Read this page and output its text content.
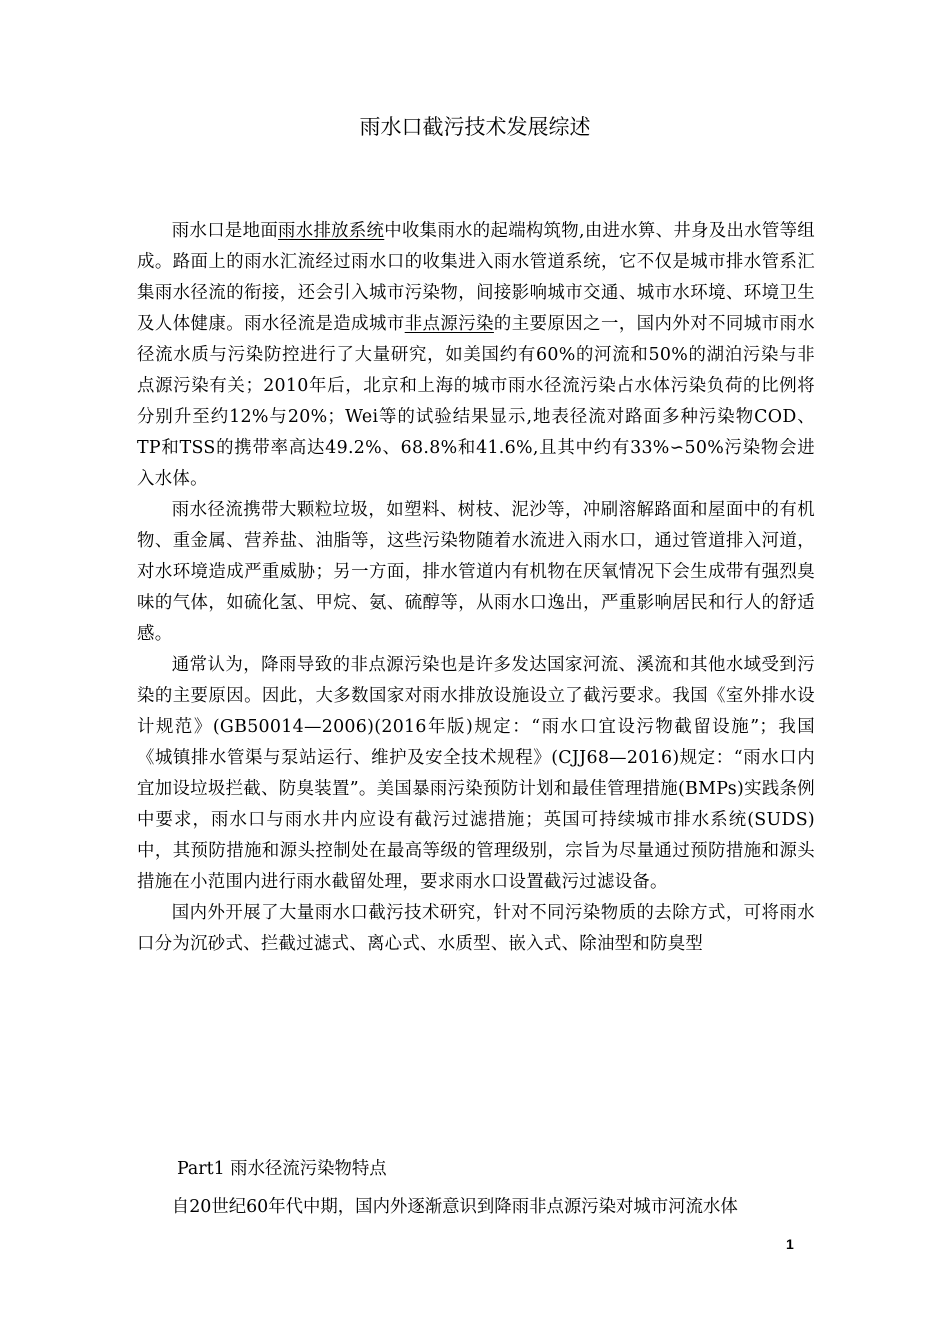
雨水口截污技术发展综述

雨水口是地面雨水排放系统中收集雨水的起端构筑物,由进水箅、井身及出水管等组成。路面上的雨水汇流经过雨水口的收集进入雨水管道系统，它不仅是城市排水管系汇集雨水径流的衔接，还会引入城市污染物，间接影响城市交通、城市水环境、环境卫生及人体健康。雨水径流是造成城市非点源污染的主要原因之一，国内外对不同城市雨水径流水质与污染防控进行了大量研究，如美国约有60%的河流和50%的湖泊污染与非点源污染有关；2010年后，北京和上海的城市雨水径流污染占水体污染负荷的比例将分别升至约12%与20%；Wei等的试验结果显示,地表径流对路面多种污染物COD、TP和TSS的携带率高达49.2%、68.8%和41.6%,且其中约有33%∽50%污染物会进入水体。

雨水径流携带大颗粒垃圾，如塑料、树枝、泥沙等，冲刷溶解路面和屋面中的有机物、重金属、营养盐、油脂等，这些污染物随着水流进入雨水口，通过管道排入河道，对水环境造成严重威胁；另一方面，排水管道内有机物在厌氧情况下会生成带有强烈臭味的气体，如硫化氢、甲烷、氨、硫醇等，从雨水口逸出，严重影响居民和行人的舒适感。

通常认为，降雨导致的非点源污染也是许多发达国家河流、溪流和其他水域受到污染的主要原因。因此，大多数国家对雨水排放设施设立了截污要求。我国《室外排水设计规范》(GB50014—2006)(2016年版)规定：“雨水口宜设污物截留设施”；我国《城镇排水管渠与泵站运行、维护及安全技术规程》(CJJ68—2016)规定：“雨水口内宜加设垃圾拦截、防臭装置”。美国暴雨污染预防计划和最佳管理措施(BMPs)实践条例中要求，雨水口与雨水井内应设有截污过滤措施；英国可持续城市排水系统(SUDS)中，其预防措施和源头控制处在最高等级的管理级别，宗旨为尽量通过预防措施和源头措施在小范围内进行雨水截留处理，要求雨水口设置截污过滤设备。

国内外开展了大量雨水口截污技术研究，针对不同污染物质的去除方式，可将雨水口分为沉砂式、拦截过滤式、离心式、水质型、嵌入式、除油型和防臭型

Part1 雨水径流污染物特点

自20世纪60年代中期，国内外逐渐意识到降雨非点源污染对城市河流水体

1
